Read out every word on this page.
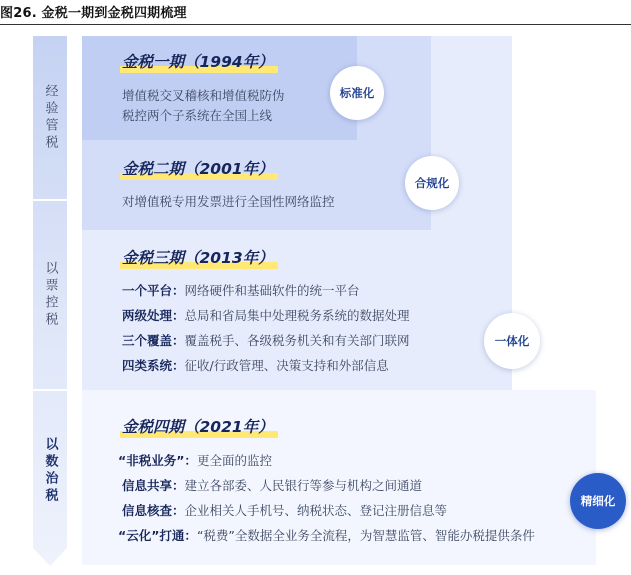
图26. 金税一期到金税四期梳理
经验管税
以票控税
以数治税
金税一期（1994年）
增值税交叉稽核和增值税防伪
税控两个子系统在全国上线
标准化
金税二期（2001年）
对增值税专用发票进行全国性网络监控
合规化
金税三期（2013年）
一个平台：网络硬件和基础软件的统一平台
两级处理：总局和省局集中处理税务系统的数据处理
三个覆盖：覆盖税手、各级税务机关和有关部门联网
四类系统：征收/行政管理、决策支持和外部信息
一体化
金税四期（2021年）
“非税业务”：更全面的监控
信息共享：建立各部委、人民银行等参与机构之间通道
信息核查：企业相关人手机号、纳税状态、登记注册信息等
“云化”打通：“税费”全数据全业务全流程，为智慧监管、智能办税提供条件
精细化
